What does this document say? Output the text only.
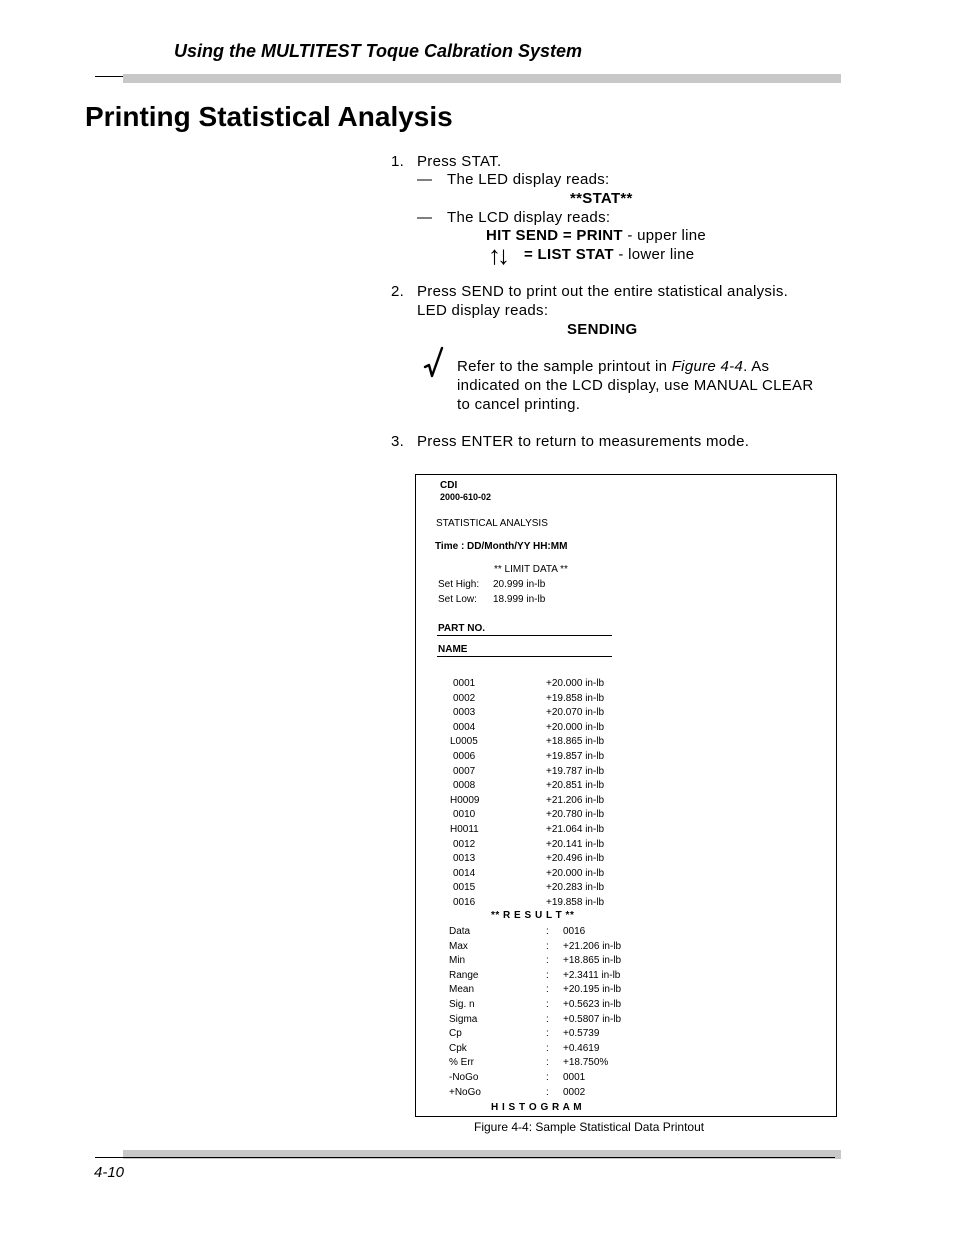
Using the MULTITEST Toque Calbration System
Printing Statistical Analysis
1. Press STAT.
— The LED display reads:
**STAT**
— The LCD display reads:
HIT SEND = PRINT - upper line
↑↓ = LIST STAT - lower line
2. Press SEND to print out the entire statistical analysis.
LED display reads:
SENDING
Refer to the sample printout in Figure 4-4. As
indicated on the LCD display, use MANUAL CLEAR
to cancel printing.
3. Press ENTER to return to measurements mode.
CDI
2000-610-02
STATISTICAL ANALYSIS
Time : DD/Month/YY HH:MM
** LIMIT DATA **
Set High: 20.999 in-lb
Set Low: 18.999 in-lb
PART NO.
NAME
0001	+20.000 in-lb
0002	+19.858 in-lb
0003	+20.070 in-lb
0004	+20.000 in-lb
L0005	+18.865 in-lb
0006	+19.857 in-lb
0007	+19.787 in-lb
0008	+20.851 in-lb
H0009	+21.206 in-lb
0010	+20.780 in-lb
H0011	+21.064 in-lb
0012	+20.141 in-lb
0013	+20.496 in-lb
0014	+20.000 in-lb
0015	+20.283 in-lb
0016	+19.858 in-lb
** R E S U L T **
Data	: 0016
Max	: +21.206 in-lb
Min	: +18.865 in-lb
Range	: +2.3411 in-lb
Mean	: +20.195 in-lb
Sig. n	: +0.5623 in-lb
Sigma	: +0.5807 in-lb
Cp	: +0.5739
Cpk	: +0.4619
% Err	: +18.750%
-NoGo	: 0001
+NoGo	: 0002
H I S T O G R A M
Figure 4-4: Sample Statistical Data Printout
4-10
